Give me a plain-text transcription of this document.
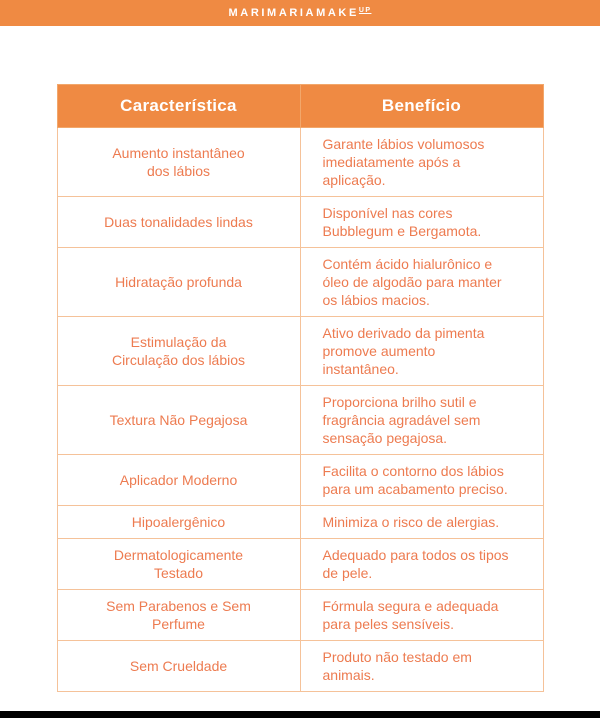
$MARIMARIAMAKE^{UP}$
Característica	Benefício
Aumento instantâneo dos lábios	Garante lábios volumosos imediatamente após a aplicação.
Duas tonalidades lindas	Disponível nas cores Bubblegum e Bergamota.
Hidratação profunda	Contém ácido hialurônico e óleo de algodão para manter os lábios macios.
Estimulação da Circulação dos lábios	Ativo derivado da pimenta promove aumento instantâneo.
Textura Não Pegajosa	Proporciona brilho sutil e fragrância agradável sem sensação pegajosa.
Aplicador Moderno	Facilita o contorno dos lábios para um acabamento preciso.
Hipoalergênico	Minimiza o risco de alergias.
Dermatologicamente Testado	Adequado para todos os tipos de pele.
Sem Parabenos e Sem Perfume	Fórmula segura e adequada para peles sensíveis.
Sem Crueldade	Produto não testado em animais.
